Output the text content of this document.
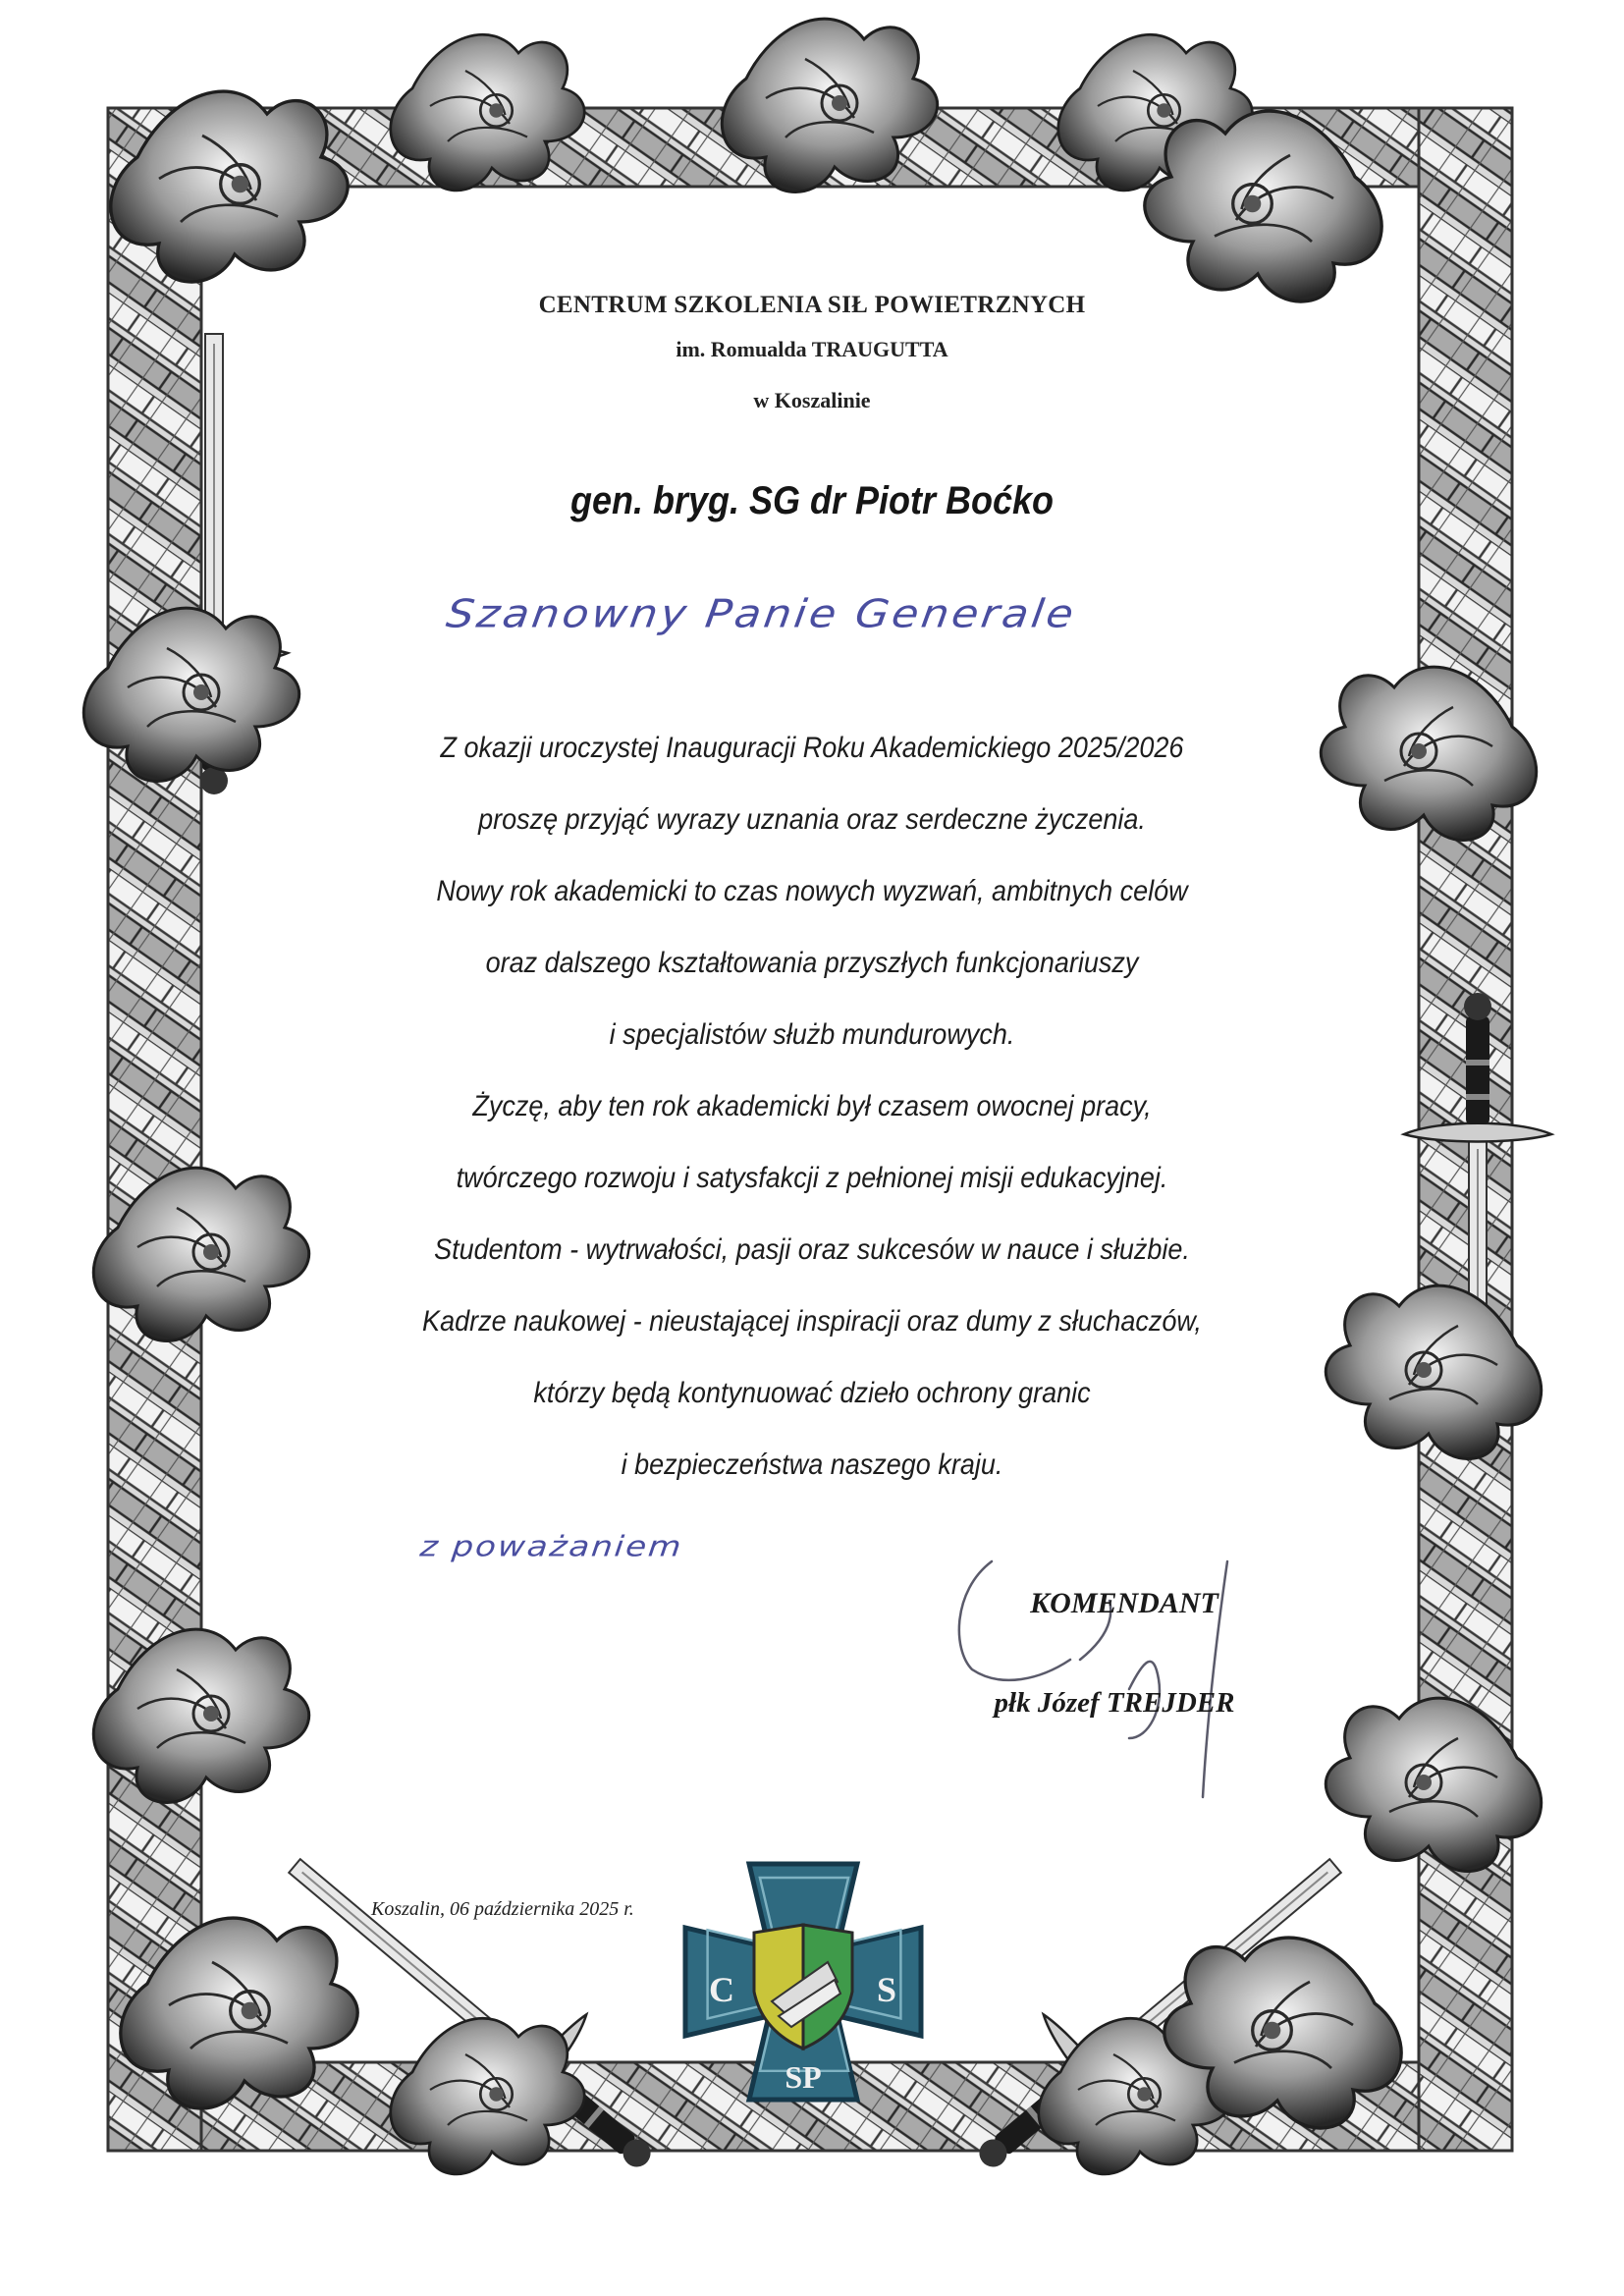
CENTRUM SZKOLENIA SIŁ POWIETRZNYCH
im. Romualda TRAUGUTTA
w Koszalinie
gen. bryg. SG dr Piotr Boćko
Szanowny Panie Generale
Z okazji uroczystej Inauguracji Roku Akademickiego 2025/2026
proszę przyjąć wyrazy uznania oraz serdeczne życzenia.
Nowy rok akademicki to czas nowych wyzwań, ambitnych celów
oraz dalszego kształtowania przyszłych funkcjonariuszy
i specjalistów służb mundurowych.
Życzę, aby ten rok akademicki był czasem owocnej pracy,
twórczego rozwoju i satysfakcji z pełnionej misji edukacyjnej.
Studentom - wytrwałości, pasji oraz sukcesów w nauce i służbie.
Kadrze naukowej - nieustającej inspiracji oraz dumy z słuchaczów,
którzy będą kontynuować dzieło ochrony granic
i bezpieczeństwa naszego kraju.
z poważaniem
KOMENDANT
płk Józef TREJDER
Koszalin, 06 października 2025 r.
C	S
SP
